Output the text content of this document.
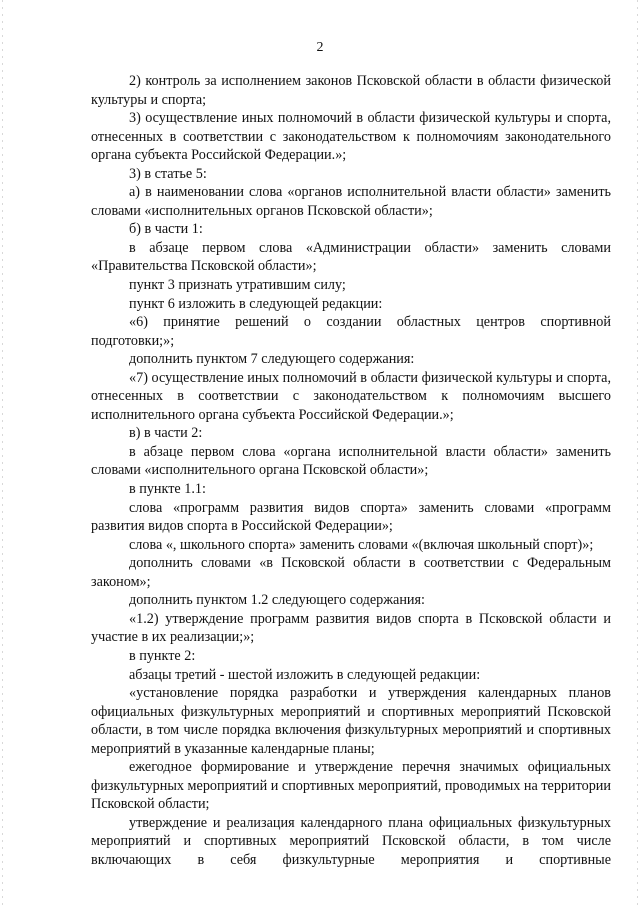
2

2) контроль за исполнением законов Псковской области в области физической культуры и спорта;

3) осуществление иных полномочий в области физической культуры и спорта, отнесенных в соответствии с законодательством к полномочиям законодательного органа субъекта Российской Федерации.»;

3) в статье 5:

а) в наименовании слова «органов исполнительной власти области» заменить словами «исполнительных органов Псковской области»;

б) в части 1:

в абзаце первом слова «Администрации области» заменить словами «Правительства Псковской области»;

пункт 3 признать утратившим силу;

пункт 6 изложить в следующей редакции:

«6) принятие решений о создании областных центров спортивной подготовки;»;

дополнить пунктом 7 следующего содержания:

«7) осуществление иных полномочий в области физической культуры и спорта, отнесенных в соответствии с законодательством к полномочиям высшего исполнительного органа субъекта Российской Федерации.»;

в) в части 2:

в абзаце первом слова «органа исполнительной власти области» заменить словами «исполнительного органа Псковской области»;

в пункте 1.1:

слова «программ развития видов спорта» заменить словами «программ развития видов спорта в Российской Федерации»;

слова «, школьного спорта» заменить словами «(включая школьный спорт)»;

дополнить словами «в Псковской области в соответствии с Федеральным законом»;

дополнить пунктом 1.2 следующего содержания:

«1.2) утверждение программ развития видов спорта в Псковской области и участие в их реализации;»;

в пункте 2:

абзацы третий - шестой изложить в следующей редакции:

«установление порядка разработки и утверждения календарных планов официальных физкультурных мероприятий и спортивных мероприятий Псковской области, в том числе порядка включения физкультурных мероприятий и спортивных мероприятий в указанные календарные планы;

ежегодное формирование и утверждение перечня значимых официальных физкультурных мероприятий и спортивных мероприятий, проводимых на территории Псковской области;

утверждение и реализация календарного плана официальных физкультурных мероприятий и спортивных мероприятий Псковской области, в том числе включающих в себя физкультурные мероприятия и спортивные
